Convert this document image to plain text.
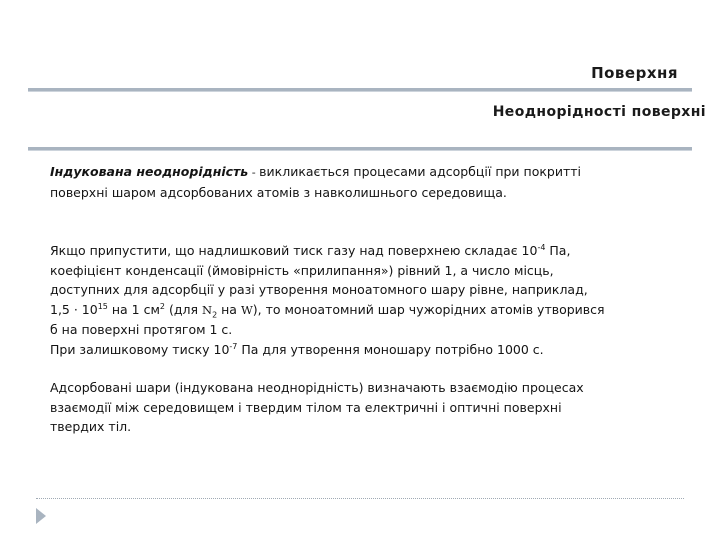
Поверхня
Неоднорідності поверхні

Індукована неоднорідність - викликається процесами адсорбції при покритті поверхні шаром адсорбованих атомів з навколишнього середовища.

Якщо припустити, що надлишковий тиск газу над поверхнею складає $10^{-4}$ Па, коефіцієнт конденсації (ймовірність «прилипання») рівний 1, а число місць, доступних для адсорбції у разі утворення моноатомного шару рівне, наприклад, $1,5 \cdot 10^{15}$ на 1 $см^2$ (для $N_2$ на W), то моноатомний шар чужорідних атомів утворився б на поверхні протягом 1 с.
При залишковому тиску $10^{-7}$ Па для утворення моношару потрібно 1000 с.

Адсорбовані шари (індукована неоднорідність) визначають взаємодію процесах взаємодії між середовищем і твердим тілом та електричні і оптичні поверхні твердих тіл.
